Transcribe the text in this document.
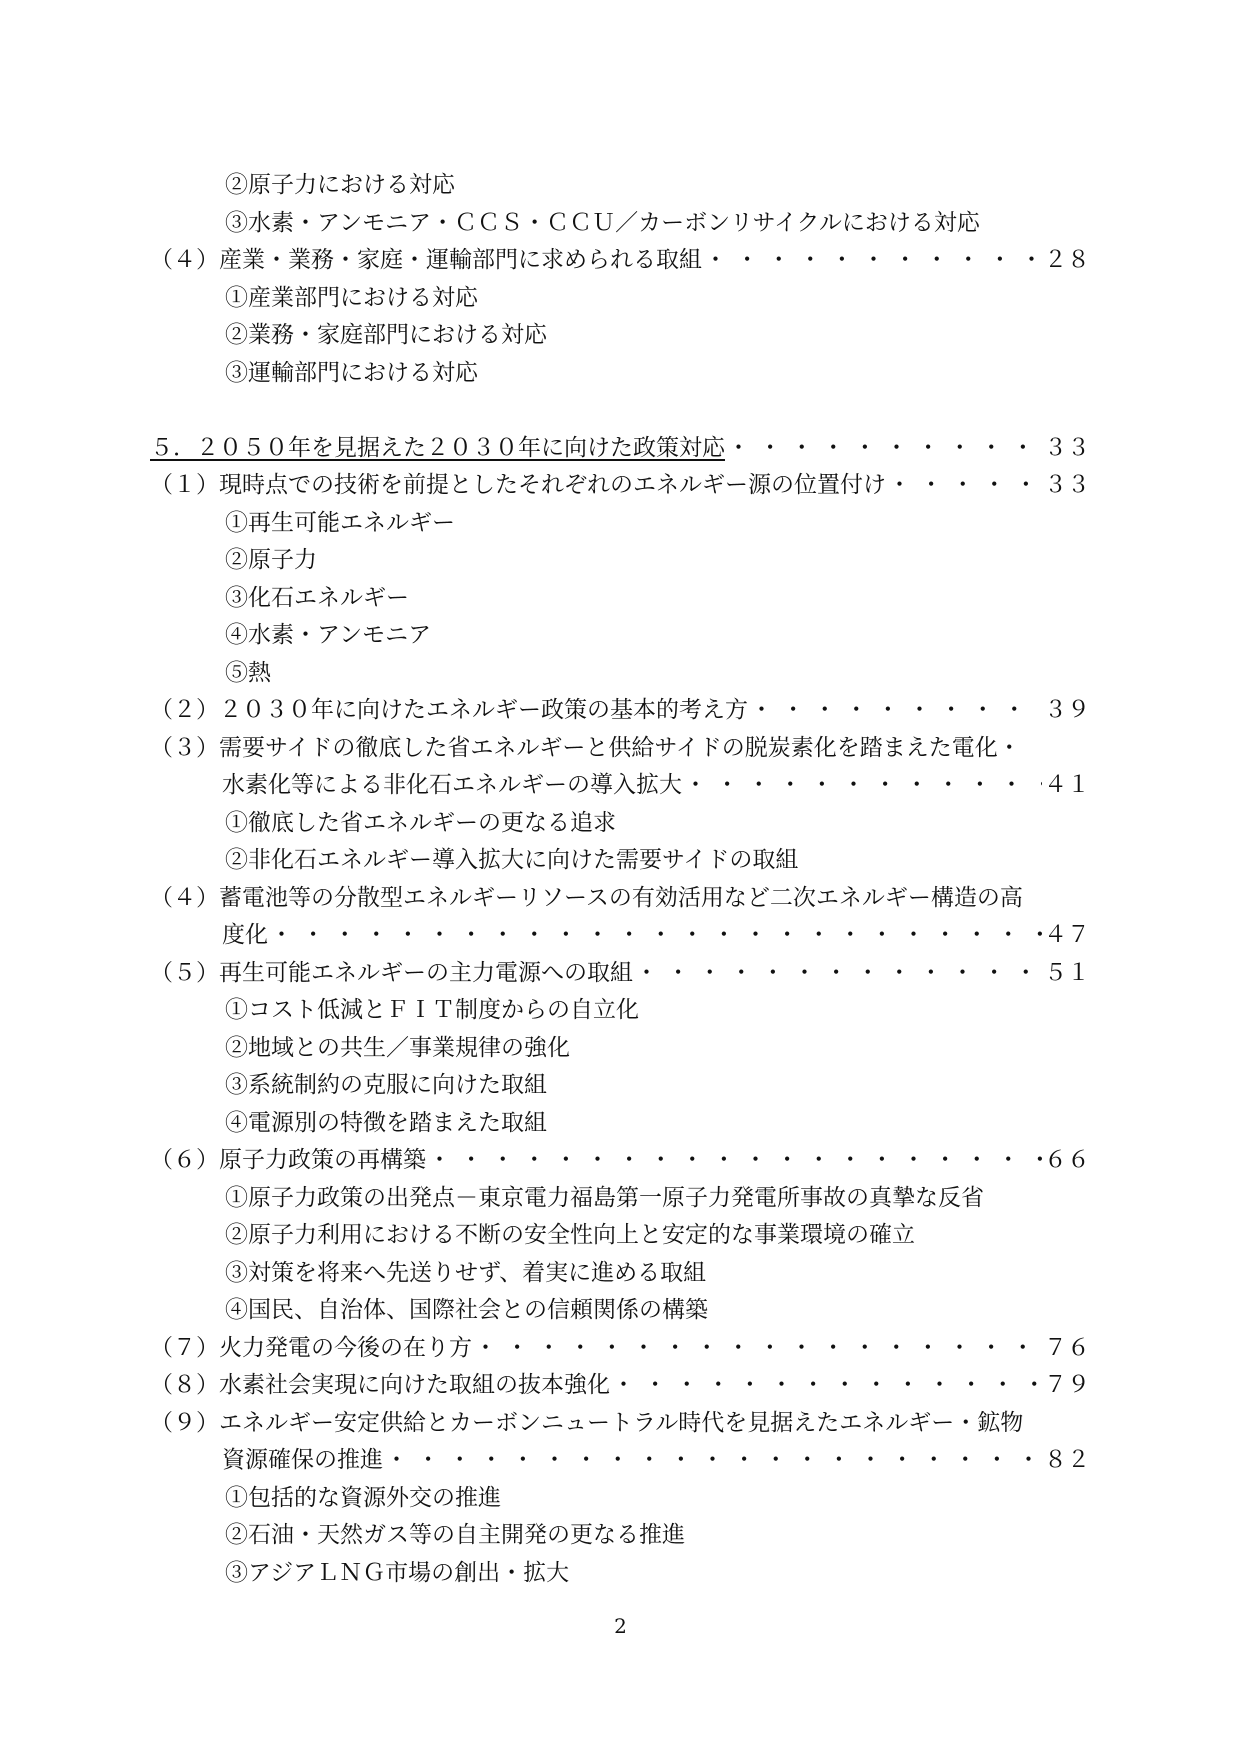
②原子力における対応
③水素・アンモニア・ＣＣＳ・ＣＣＵ／カーボンリサイクルにおける対応
（４）産業・業務・家庭・運輸部門に求められる取組 ・・・・・・・・・・・・・・・・・・・・・・・・・・・・・・・・・・・・・・・・・・・・・・・・・・・・・・・・・・・・	２８
①産業部門における対応
②業務・家庭部門における対応
③運輸部門における対応
５．２０５０年を見据えた２０３０年に向けた政策対応 ・・・・・・・・・・・・・・・・・・・・・・・・・・・・・・・・・・・・・・・・・・・・・・・・・・・・・・・・・・・・	３３
（１）現時点での技術を前提としたそれぞれのエネルギー源の位置付け ・・・・・・・・・・・・・・・・・・・・・・・・・・・・・・・・・・・・・・・・・・・・・・・・・・・・・・・・・・・・	３３
①再生可能エネルギー
②原子力
③化石エネルギー
④水素・アンモニア
⑤熱
（２）２０３０年に向けたエネルギー政策の基本的考え方 ・・・・・・・・・・・・・・・・・・・・・・・・・・・・・・・・・・・・・・・・・・・・・・・・・・・・・・・・・・・・	３９
（３）需要サイドの徹底した省エネルギーと供給サイドの脱炭素化を踏まえた電化・
水素化等による非化石エネルギーの導入拡大 ・・・・・・・・・・・・・・・・・・・・・・・・・・・・・・・・・・・・・・・・・・・・・・・・・・・・・・・・・・・・	４１
①徹底した省エネルギーの更なる追求
②非化石エネルギー導入拡大に向けた需要サイドの取組
（４）蓄電池等の分散型エネルギーリソースの有効活用など二次エネルギー構造の高
度化 ・・・・・・・・・・・・・・・・・・・・・・・・・・・・・・・・・・・・・・・・・・・・・・・・・・・・・・・・・・・・	４７
（５）再生可能エネルギーの主力電源への取組 ・・・・・・・・・・・・・・・・・・・・・・・・・・・・・・・・・・・・・・・・・・・・・・・・・・・・・・・・・・・・	５１
①コスト低減とＦＩＴ制度からの自立化
②地域との共生／事業規律の強化
③系統制約の克服に向けた取組
④電源別の特徴を踏まえた取組
（６）原子力政策の再構築 ・・・・・・・・・・・・・・・・・・・・・・・・・・・・・・・・・・・・・・・・・・・・・・・・・・・・・・・・・・・・	６６
①原子力政策の出発点－東京電力福島第一原子力発電所事故の真摯な反省
②原子力利用における不断の安全性向上と安定的な事業環境の確立
③対策を将来へ先送りせず、着実に進める取組
④国民、自治体、国際社会との信頼関係の構築
（７）火力発電の今後の在り方 ・・・・・・・・・・・・・・・・・・・・・・・・・・・・・・・・・・・・・・・・・・・・・・・・・・・・・・・・・・・・	７６
（８）水素社会実現に向けた取組の抜本強化 ・・・・・・・・・・・・・・・・・・・・・・・・・・・・・・・・・・・・・・・・・・・・・・・・・・・・・・・・・・・・	７９
（９）エネルギー安定供給とカーボンニュートラル時代を見据えたエネルギー・鉱物
資源確保の推進 ・・・・・・・・・・・・・・・・・・・・・・・・・・・・・・・・・・・・・・・・・・・・・・・・・・・・・・・・・・・・	８２
①包括的な資源外交の推進
②石油・天然ガス等の自主開発の更なる推進
③アジアＬＮＧ市場の創出・拡大
2
